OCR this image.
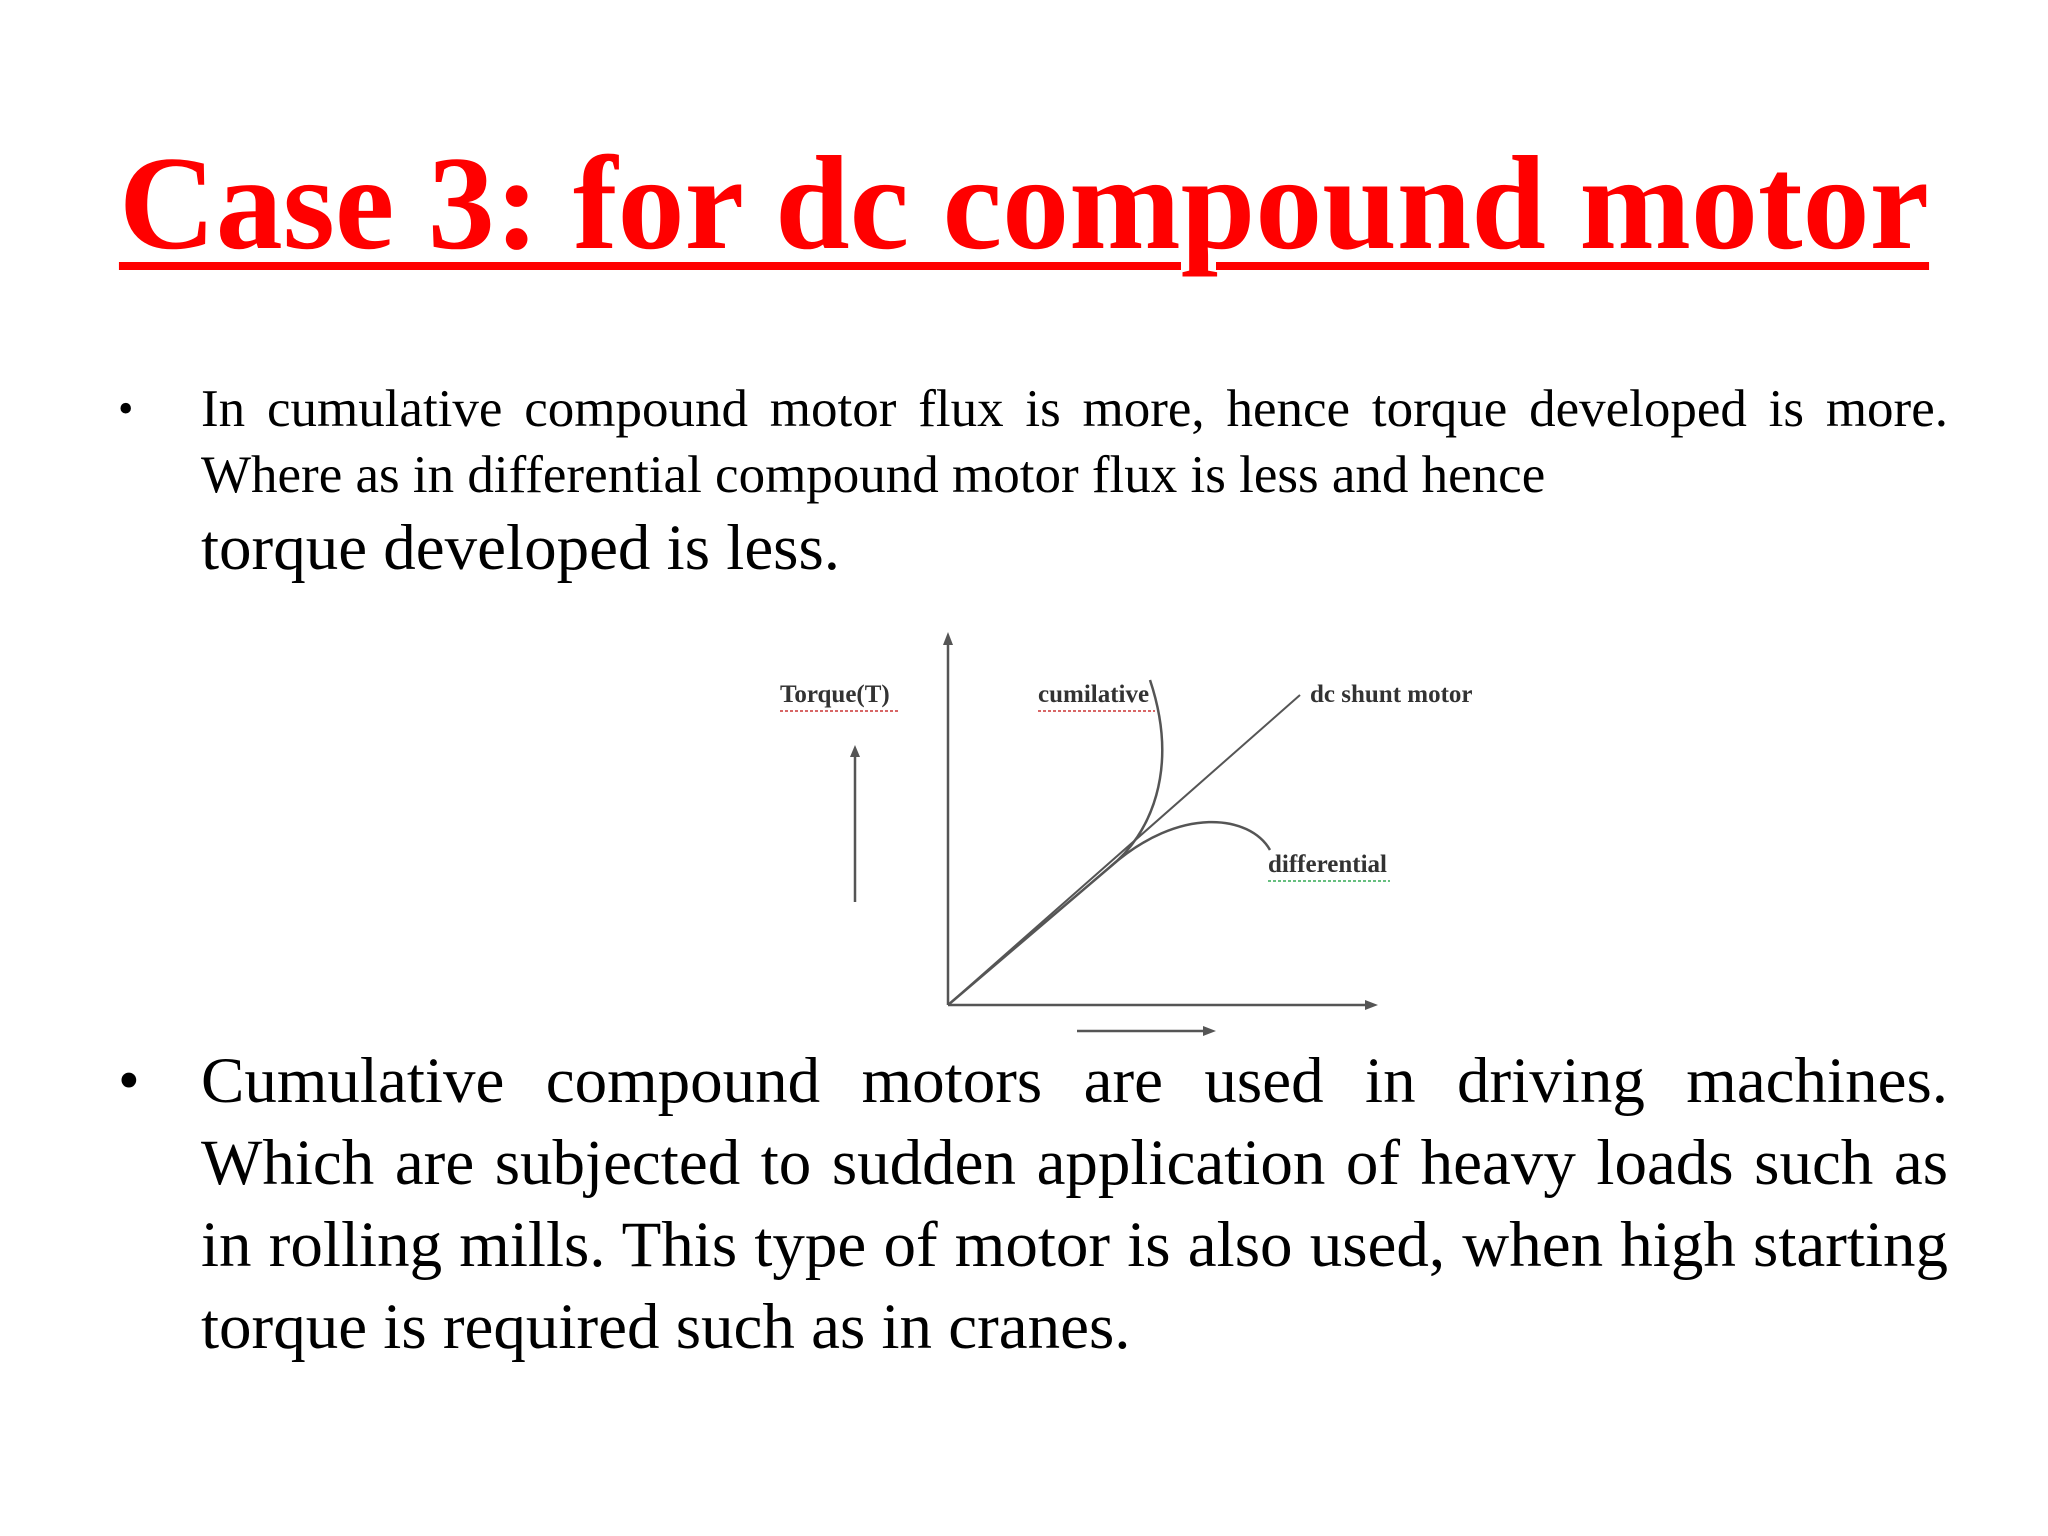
Case 3: for dc compound motor
•	In cumulative compound motor flux is more, hence torque developed is more. Where as in differential compound motor flux is less and hence
torque developed is less.
Torque(T)	cumilative	dc shunt motor
differential
• Cumulative compound motors are used in driving machines. Which are subjected to sudden application of heavy loads such as in rolling mills. This type of motor is also used, when high starting torque is required such as in cranes.
